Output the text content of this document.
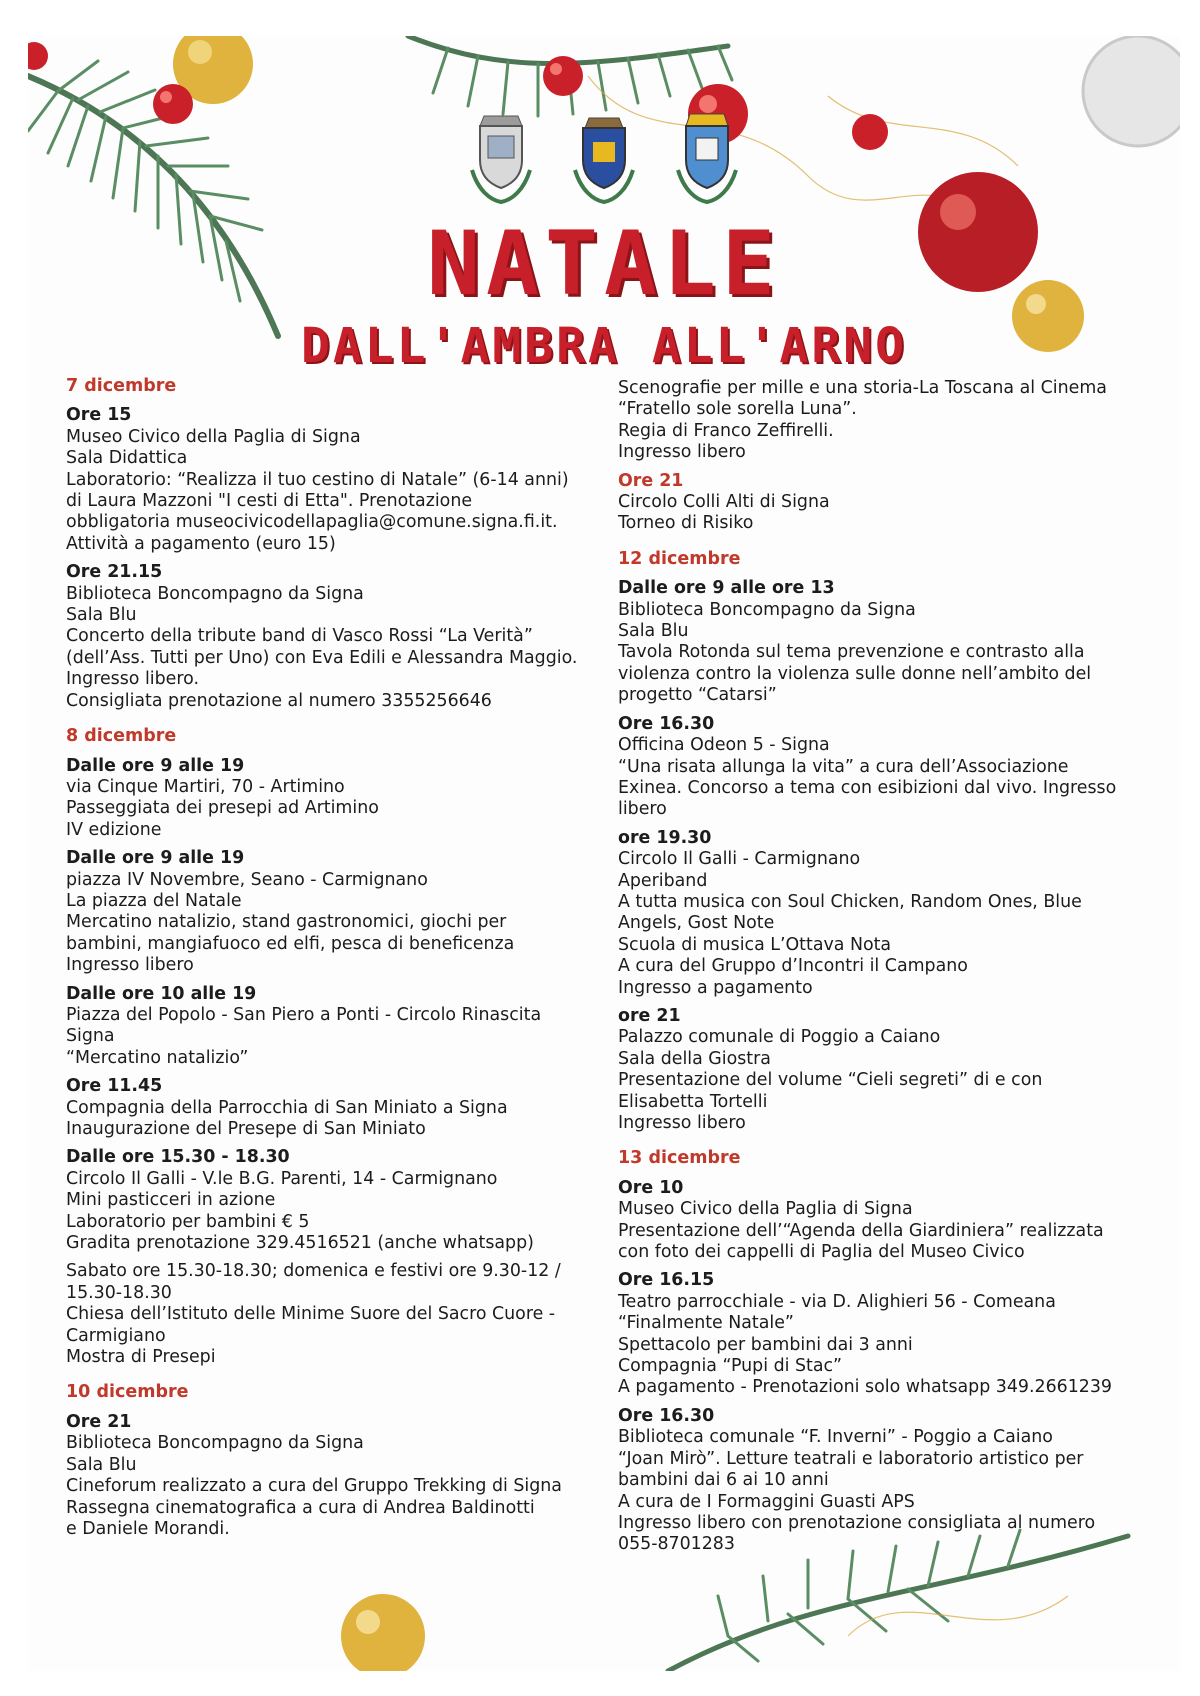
NATALE
DALL'AMBRA ALL'ARNO
7 dicembre
Ore 15
Museo Civico della Paglia di Signa
Sala Didattica
Laboratorio: “Realizza il tuo cestino di Natale” (6-14 anni)
di Laura Mazzoni "I cesti di Etta". Prenotazione
obbligatoria museocivicodellapaglia@comune.signa.fi.it.
Attività a pagamento (euro 15)
Ore 21.15
Biblioteca Boncompagno da Signa
Sala Blu
Concerto della tribute band di Vasco Rossi “La Verità”
(dell’Ass. Tutti per Uno) con Eva Edili e Alessandra Maggio.
Ingresso libero.
Consigliata prenotazione al numero 3355256646
8 dicembre
Dalle ore 9 alle 19
via Cinque Martiri, 70 - Artimino
Passeggiata dei presepi ad Artimino
IV edizione
Dalle ore 9 alle 19
piazza IV Novembre, Seano - Carmignano
La piazza del Natale
Mercatino natalizio, stand gastronomici, giochi per
bambini, mangiafuoco ed elfi, pesca di beneficenza
Ingresso libero
Dalle ore 10 alle 19
Piazza del Popolo - San Piero a Ponti - Circolo Rinascita
Signa
“Mercatino natalizio”
Ore 11.45
Compagnia della Parrocchia di San Miniato a Signa
Inaugurazione del Presepe di San Miniato
Dalle ore 15.30 - 18.30
Circolo Il Galli - V.le B.G. Parenti, 14 - Carmignano
Mini pasticceri in azione
Laboratorio per bambini € 5
Gradita prenotazione 329.4516521 (anche whatsapp)
Sabato ore 15.30-18.30; domenica e festivi ore 9.30-12 /
15.30-18.30
Chiesa dell’Istituto delle Minime Suore del Sacro Cuore -
Carmigiano
Mostra di Presepi
10 dicembre
Ore 21
Biblioteca Boncompagno da Signa
Sala Blu
Cineforum realizzato a cura del Gruppo Trekking di Signa
Rassegna cinematografica a cura di Andrea Baldinotti
e Daniele Morandi.
Scenografie per mille e una storia-La Toscana al Cinema
“Fratello sole sorella Luna”.
Regia di Franco Zeffirelli.
Ingresso libero
Ore 21
Circolo Colli Alti di Signa
Torneo di Risiko
12 dicembre
Dalle ore 9 alle ore 13
Biblioteca Boncompagno da Signa
Sala Blu
Tavola Rotonda sul tema prevenzione e contrasto alla
violenza contro la violenza sulle donne nell’ambito del
progetto “Catarsi”
Ore 16.30
Officina Odeon 5 - Signa
“Una risata allunga la vita” a cura dell’Associazione
Exinea. Concorso a tema con esibizioni dal vivo. Ingresso
libero
ore 19.30
Circolo Il Galli - Carmignano
Aperiband
A tutta musica con Soul Chicken, Random Ones, Blue
Angels, Gost Note
Scuola di musica L’Ottava Nota
A cura del Gruppo d’Incontri il Campano
Ingresso a pagamento
ore 21
Palazzo comunale di Poggio a Caiano
Sala della Giostra
Presentazione del volume “Cieli segreti” di e con
Elisabetta Tortelli
Ingresso libero
13 dicembre
Ore 10
Museo Civico della Paglia di Signa
Presentazione dell’“Agenda della Giardiniera” realizzata
con foto dei cappelli di Paglia del Museo Civico
Ore 16.15
Teatro parrocchiale - via D. Alighieri 56 - Comeana
“Finalmente Natale”
Spettacolo per bambini dai 3 anni
Compagnia “Pupi di Stac”
A pagamento - Prenotazioni solo whatsapp 349.2661239
Ore 16.30
Biblioteca comunale “F. Inverni” - Poggio a Caiano
“Joan Mirò”. Letture teatrali e laboratorio artistico per
bambini dai 6 ai 10 anni
A cura de I Formaggini Guasti APS
Ingresso libero con prenotazione consigliata al numero
055-8701283
